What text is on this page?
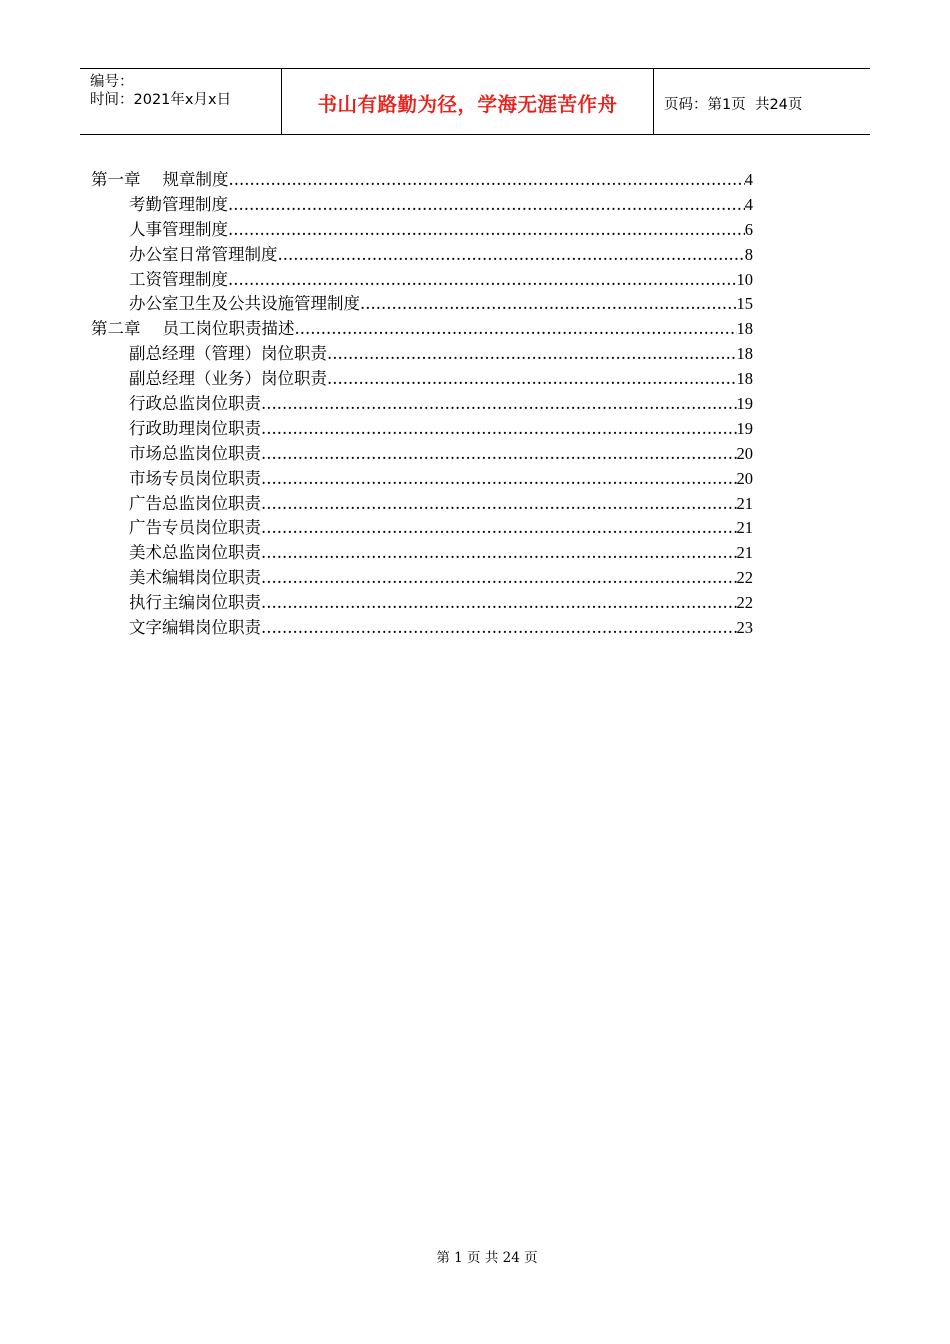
编号：
时间：2021年x月x日	书山有路勤为径，学海无涯苦作舟	页码：第1页  共24页
第一章 规章制度 .....	4
考勤管理制度 .....	4
人事管理制度 .....	6
办公室日常管理制度 .....	8
工资管理制度 .....	10
办公室卫生及公共设施管理制度 .....	15
第二章 员工岗位职责描述 .....	18
副总经理（管理）岗位职责 .....	18
副总经理（业务）岗位职责 .....	18
行政总监岗位职责 .....	19
行政助理岗位职责 .....	19
市场总监岗位职责 .....	20
市场专员岗位职责 .....	20
广告总监岗位职责 .....	21
广告专员岗位职责 .....	21
美术总监岗位职责 .....	21
美术编辑岗位职责 .....	22
执行主编岗位职责 .....	22
文字编辑岗位职责 .....	23
第 1 页 共 24 页
